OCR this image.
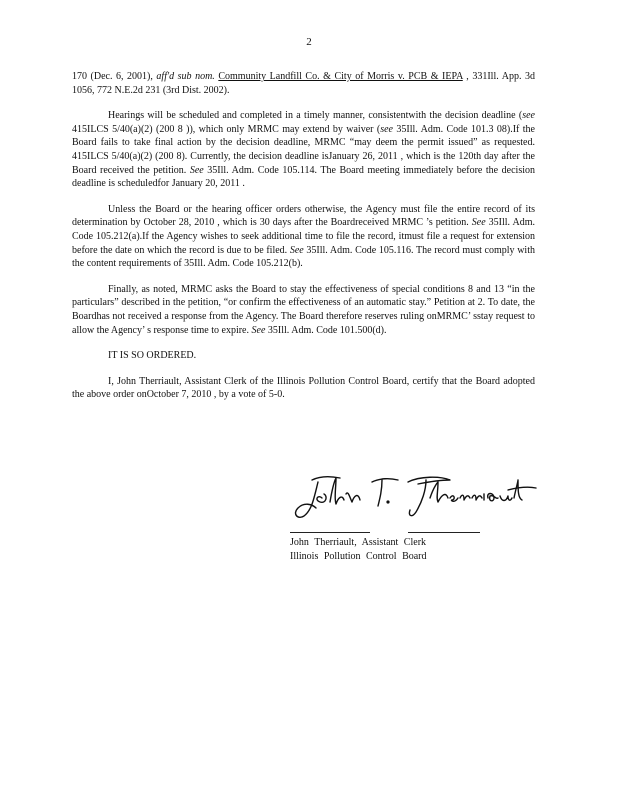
2

170 (Dec. 6, 2001), aff'd sub nom. Community Landfill Co. & City of Morris v. PCB & IEPA , 331Ill. App. 3d 1056, 772 N.E.2d 231 (3rd Dist. 2002).

Hearings will be scheduled and completed in a timely manner, consistentwith the decision deadline (see 415ILCS 5/40(a)(2) (200 8 )), which only MRMC may extend by waiver (see 35Ill. Adm. Code 101.3 08).If the Board fails to take final action by the decision deadline, MRMC “may deem the permit issued” as requested. 415ILCS 5/40(a)(2) (200 8). Currently, the decision deadline isJanuary 26, 2011 , which is the 120th day after the Board received the petition. See 35Ill. Adm. Code 105.114. The Board meeting immediately before the decision deadline is scheduledfor January 20, 2011 .

Unless the Board or the hearing officer orders otherwise, the Agency must file the entire record of its determination by October 28, 2010 , which is 30 days after the Boardreceived MRMC ’s petition. See 35Ill. Adm. Code 105.212(a).If the Agency wishes to seek additional time to file the record, itmust file a request for extension before the date on which the record is due to be filed. See 35Ill. Adm. Code 105.116. The record must comply with the content requirements of 35Ill. Adm. Code 105.212(b).

Finally, as noted, MRMC asks the Board to stay the effectiveness of special conditions 8 and 13 “in the particulars” described in the petition, “or confirm the effectiveness of an automatic stay.” Petition at 2. To date, the Boardhas not received a response from the Agency. The Board therefore reserves ruling onMRMC’ sstay request to allow the Agency’ s response time to expire. See 35Ill. Adm. Code 101.500(d).

IT IS SO ORDERED.

I, John Therriault, Assistant Clerk of the Illinois Pollution Control Board, certify that the Board adopted the above order onOctober 7, 2010 , by a vote of 5-0.

John Therriault, Assistant Clerk
Illinois Pollution Control Board
